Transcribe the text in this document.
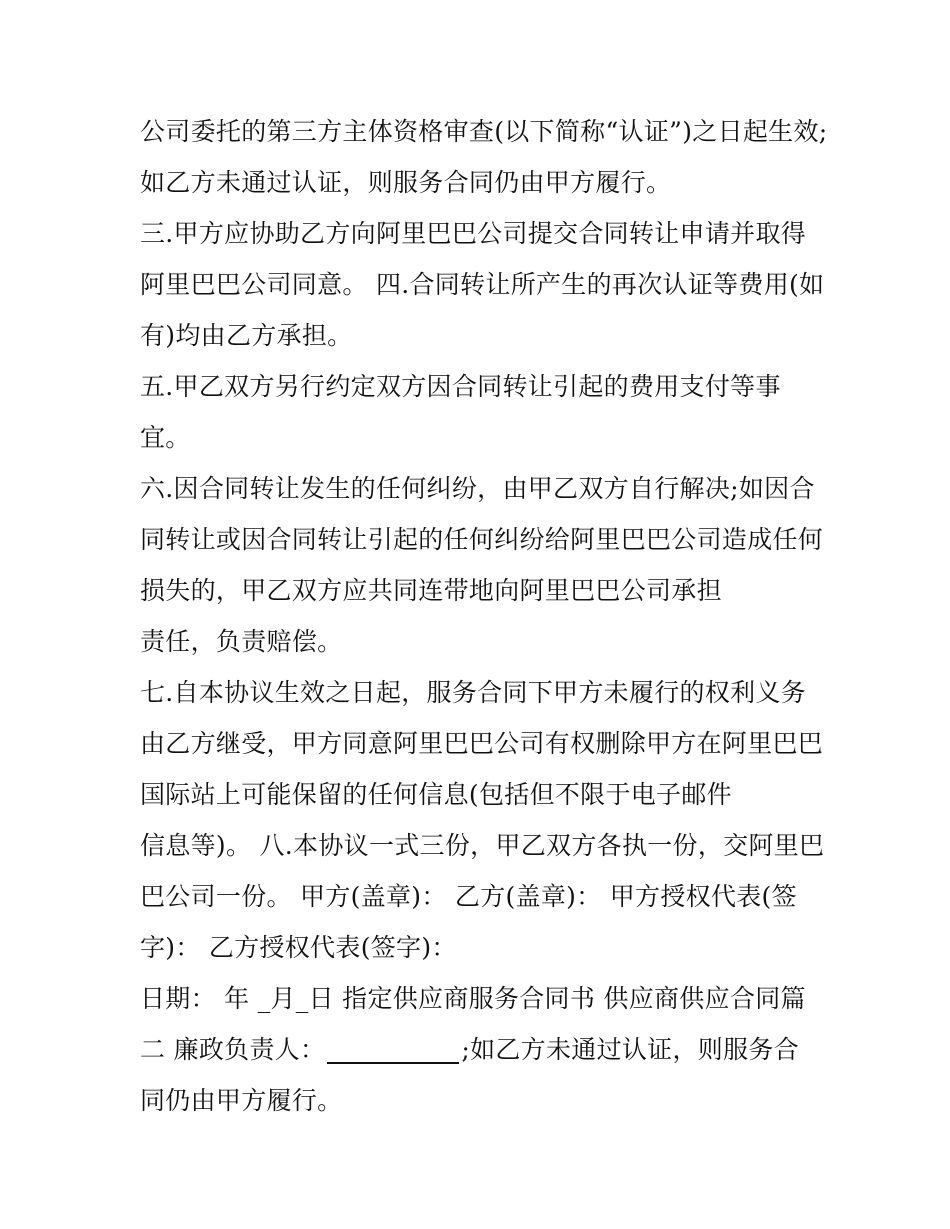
公司委托的第三方主体资格审查(以下简称“认证”)之日起生效;
如乙方未通过认证，则服务合同仍由甲方履行。
三.甲方应协助乙方向阿里巴巴公司提交合同转让申请并取得
阿里巴巴公司同意。 四.合同转让所产生的再次认证等费用(如
有)均由乙方承担。
五.甲乙双方另行约定双方因合同转让引起的费用支付等事
宜。
六.因合同转让发生的任何纠纷，由甲乙双方自行解决;如因合
同转让或因合同转让引起的任何纠纷给阿里巴巴公司造成任何
损失的，甲乙双方应共同连带地向阿里巴巴公司承担
责任，负责赔偿。
七.自本协议生效之日起，服务合同下甲方未履行的权利义务
由乙方继受，甲方同意阿里巴巴公司有权删除甲方在阿里巴巴
国际站上可能保留的任何信息(包括但不限于电子邮件
信息等)。 八.本协议一式三份，甲乙双方各执一份，交阿里巴
巴公司一份。 甲方(盖章)： 乙方(盖章)： 甲方授权代表(签
字)： 乙方授权代表(签字)：
日期： 年 _月_日 指定供应商服务合同书 供应商供应合同篇
二 廉政负责人：	;如乙方未通过认证，则服务合
同仍由甲方履行。
